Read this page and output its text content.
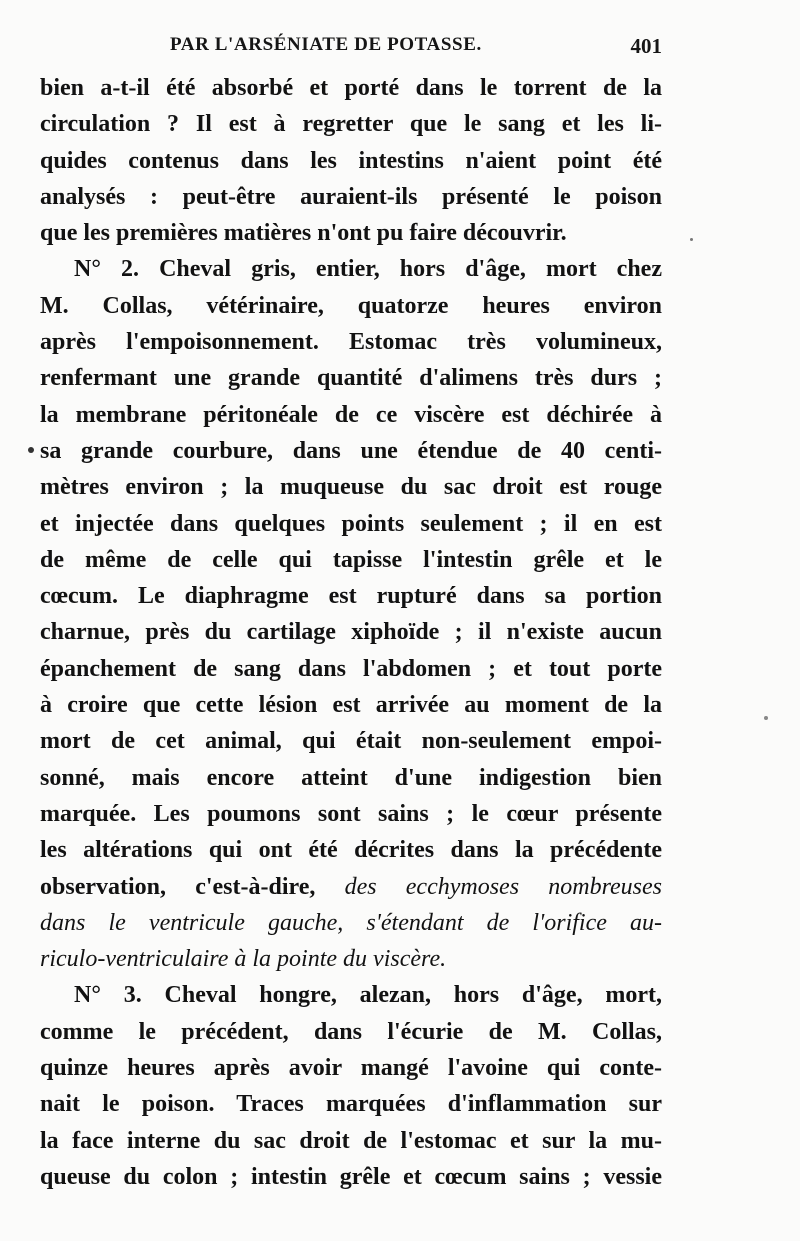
PAR L'ARSÉNIATE DE POTASSE.	401
bien a-t-il été absorbé et porté dans le torrent de la
circulation ? Il est à regretter que le sang et les li-
quides contenus dans les intestins n'aient point été
analysés : peut-être auraient-ils présenté le poison
que les premières matières n'ont pu faire découvrir.
N° 2. Cheval gris, entier, hors d'âge, mort chez
M. Collas, vétérinaire, quatorze heures environ
après l'empoisonnement. Estomac très volumineux,
renfermant une grande quantité d'alimens très durs ;
la membrane péritonéale de ce viscère est déchirée à
sa grande courbure, dans une étendue de 40 centi-
mètres environ ; la muqueuse du sac droit est rouge
et injectée dans quelques points seulement ; il en est
de même de celle qui tapisse l'intestin grêle et le
cœcum. Le diaphragme est rupturé dans sa portion
charnue, près du cartilage xiphoïde ; il n'existe aucun
épanchement de sang dans l'abdomen ; et tout porte
à croire que cette lésion est arrivée au moment de la
mort de cet animal, qui était non-seulement empoi-
sonné, mais encore atteint d'une indigestion bien
marquée. Les poumons sont sains ; le cœur présente
les altérations qui ont été décrites dans la précédente
observation, c'est-à-dire, des ecchymoses nombreuses
dans le ventricule gauche, s'étendant de l'orifice au-
riculo-ventriculaire à la pointe du viscère.
N° 3. Cheval hongre, alezan, hors d'âge, mort,
comme le précédent, dans l'écurie de M. Collas,
quinze heures après avoir mangé l'avoine qui conte-
nait le poison. Traces marquées d'inflammation sur
la face interne du sac droit de l'estomac et sur la mu-
queuse du colon ; intestin grêle et cœcum sains ; vessie
